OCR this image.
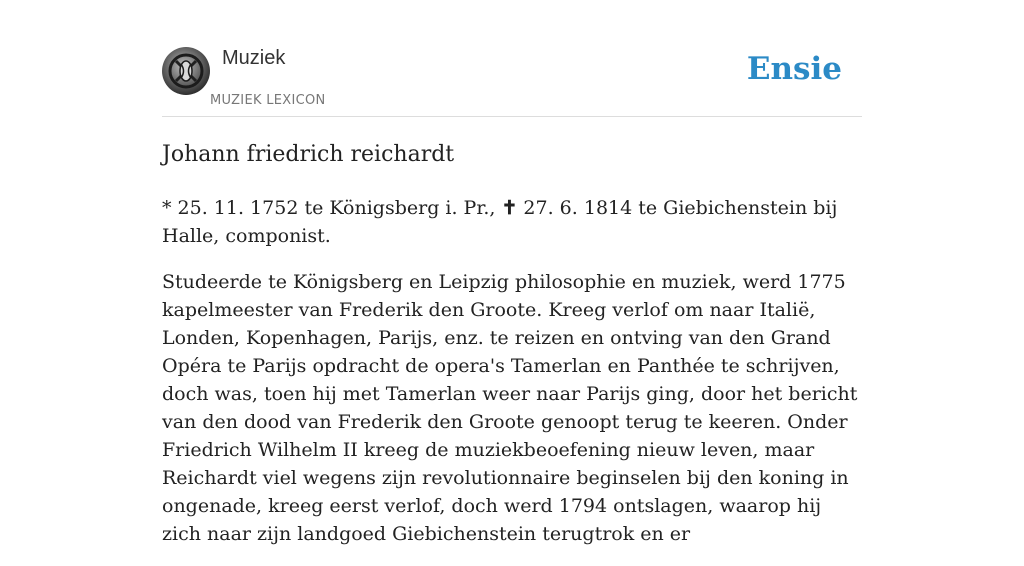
Muziek
MUZIEK LEXICON
Ensie
Johann friedrich reichardt

* 25. 11. 1752 te Königsberg i. Pr., ✝ 27. 6. 1814 te Giebichenstein bij Halle, componist.

Studeerde te Königsberg en Leipzig philosophie en muziek, werd 1775 kapelmeester van Frederik den Groote. Kreeg verlof om naar Italië, Londen, Kopenhagen, Parijs, enz. te reizen en ontving van den Grand Opéra te Parijs opdracht de opera's Tamerlan en Panthée te schrijven, doch was, toen hij met Tamerlan weer naar Parijs ging, door het bericht van den dood van Frederik den Groote genoopt terug te keeren. Onder Friedrich Wilhelm II kreeg de muziekbeoefening nieuw leven, maar Reichardt viel wegens zijn revolutionnaire beginselen bij den koning in ongenade, kreeg eerst verlof, doch werd 1794 ontslagen, waarop hij zich naar zijn landgoed Giebichenstein terugtrok en er
